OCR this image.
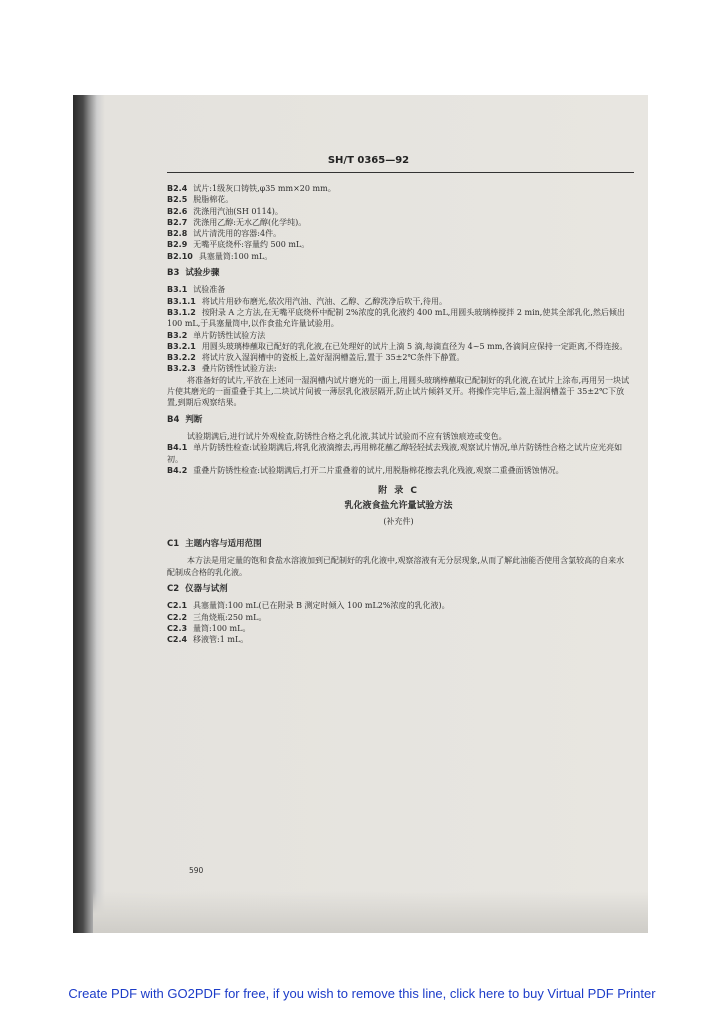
SH/T 0365—92
B2.4 试片:1级灰口铸铁,φ35 mm×20 mm。
B2.5 脱脂棉花。
B2.6 洗涤用汽油(SH 0114)。
B2.7 洗涤用乙醇:无水乙醇(化学纯)。
B2.8 试片清洗用的容器:4件。
B2.9 无嘴平底烧杯:容量约 500 mL。
B2.10 具塞量筒:100 mL。
B3 试验步骤
B3.1 试验准备
B3.1.1 将试片用砂布磨光,依次用汽油、汽油、乙醇、乙醇洗净后吹干,待用。
B3.1.2 按附录 A 之方法,在无嘴平底烧杯中配制 2%浓度的乳化液约 400 mL,用圆头玻璃棒搅拌 2 min,使其全部乳化,然后倾出 100 mL,于具塞量筒中,以作食盐允许量试验用。
B3.2 单片防锈性试验方法
B3.2.1 用圆头玻璃棒蘸取已配好的乳化液,在已处理好的试片上滴 5 滴,每滴直径为 4~5 mm,各滴间应保持一定距离,不得连接。
B3.2.2 将试片放入湿润槽中的瓷板上,盖好湿润槽盖后,置于 35±2℃条件下静置。
B3.2.3 叠片防锈性试验方法:
将准备好的试片,平放在上述同一湿润槽内试片磨光的一面上,用圆头玻璃棒蘸取已配制好的乳化液,在试片上涂布,再用另一块试片使其磨光的一面重叠于其上,二块试片间被一薄层乳化液层隔开,防止试片倾斜叉开。将操作完毕后,盖上湿润槽盖于 35±2℃下放置,到期后观察结果。
B4 判断
试验期满后,进行试片外观检查,防锈性合格之乳化液,其试片试验而不应有锈蚀痕迹或变色。
B4.1 单片防锈性检查:试验期满后,将乳化液滴擦去,再用棉花蘸乙醇轻轻拭去残液,观察试片情况,单片防锈性合格之试片应光亮如初。
B4.2 重叠片防锈性检查:试验期满后,打开二片重叠着的试片,用脱脂棉花擦去乳化残液,观察二重叠面锈蚀情况。
附 录 C
乳化液食盐允许量试验方法
(补充件)
C1 主题内容与适用范围
本方法是用定量的饱和食盐水溶液加到已配制好的乳化液中,观察溶液有无分层现象,从而了解此油能否使用含氯较高的自来水配制成合格的乳化液。
C2 仪器与试剂
C2.1 具塞量筒:100 mL(已在附录 B 测定时倾入 100 mL2%浓度的乳化液)。
C2.2 三角烧瓶:250 mL。
C2.3 量筒:100 mL。
C2.4 移液管:1 mL。
590
Create PDF with GO2PDF for free, if you wish to remove this line, click here to buy Virtual PDF Printer
